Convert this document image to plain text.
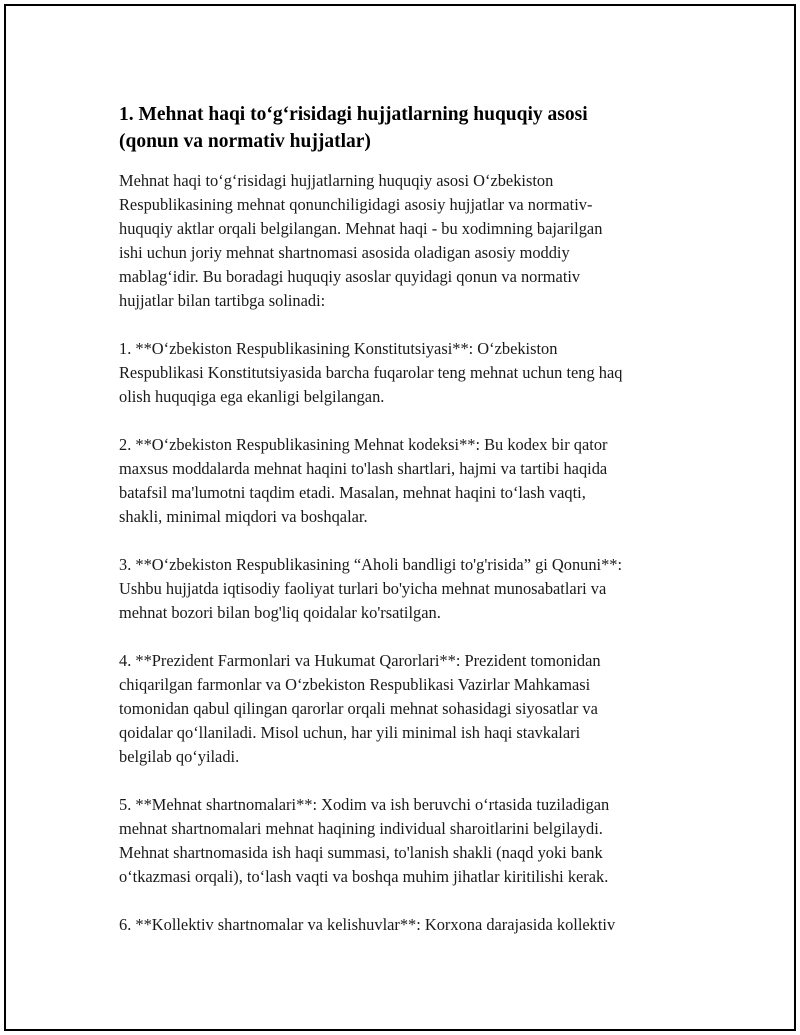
1. Mehnat haqi to‘g‘risidagi hujjatlarning huquqiy asosi
(qonun va normativ hujjatlar)

Mehnat haqi to‘g‘risidagi hujjatlarning huquqiy asosi O‘zbekiston
Respublikasining mehnat qonunchiligidagi asosiy hujjatlar va normativ-
huquqiy aktlar orqali belgilangan. Mehnat haqi - bu xodimning bajarilgan
ishi uchun joriy mehnat shartnomasi asosida oladigan asosiy moddiy
mablag‘idir. Bu boradagi huquqiy asoslar quyidagi qonun va normativ
hujjatlar bilan tartibga solinadi:

1. **O‘zbekiston Respublikasining Konstitutsiyasi**: O‘zbekiston
Respublikasi Konstitutsiyasida barcha fuqarolar teng mehnat uchun teng haq
olish huquqiga ega ekanligi belgilangan.

2. **O‘zbekiston Respublikasining Mehnat kodeksi**: Bu kodex bir qator
maxsus moddalarda mehnat haqini to'lash shartlari, hajmi va tartibi haqida
batafsil ma'lumotni taqdim etadi. Masalan, mehnat haqini to‘lash vaqti,
shakli, minimal miqdori va boshqalar.

3. **O‘zbekiston Respublikasining “Aholi bandligi to'g'risida” gi Qonuni**:
Ushbu hujjatda iqtisodiy faoliyat turlari bo'yicha mehnat munosabatlari va
mehnat bozori bilan bog'liq qoidalar ko'rsatilgan.

4. **Prezident Farmonlari va Hukumat Qarorlari**: Prezident tomonidan
chiqarilgan farmonlar va O‘zbekiston Respublikasi Vazirlar Mahkamasi
tomonidan qabul qilingan qarorlar orqali mehnat sohasidagi siyosatlar va
qoidalar qo‘llaniladi. Misol uchun, har yili minimal ish haqi stavkalari
belgilab qo‘yiladi.

5. **Mehnat shartnomalari**: Xodim va ish beruvchi o‘rtasida tuziladigan
mehnat shartnomalari mehnat haqining individual sharoitlarini belgilaydi.
Mehnat shartnomasida ish haqi summasi, to'lanish shakli (naqd yoki bank
o‘tkazmasi orqali), to‘lash vaqti va boshqa muhim jihatlar kiritilishi kerak.

6. **Kollektiv shartnomalar va kelishuvlar**: Korxona darajasida kollektiv
